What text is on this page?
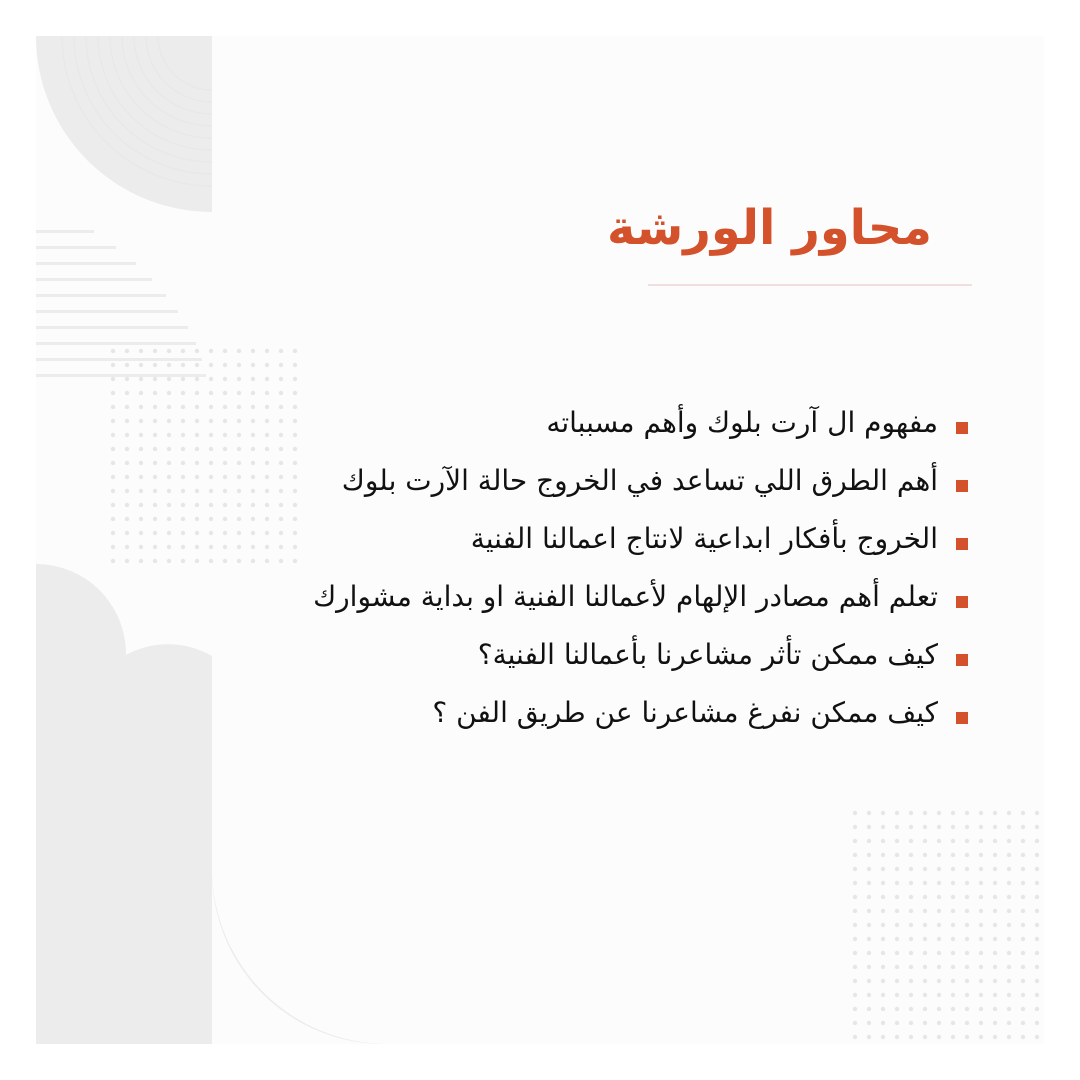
محاور الورشة
مفهوم ال آرت بلوك وأهم مسبباته
أهم الطرق اللي تساعد في الخروج حالة الآرت بلوك
الخروج بأفكار ابداعية لانتاج اعمالنا الفنية
تعلم أهم مصادر الإلهام لأعمالنا الفنية او بداية مشوارك
كيف ممكن تأثر مشاعرنا بأعمالنا الفنية؟
كيف ممكن نفرغ مشاعرنا عن طريق الفن ؟
